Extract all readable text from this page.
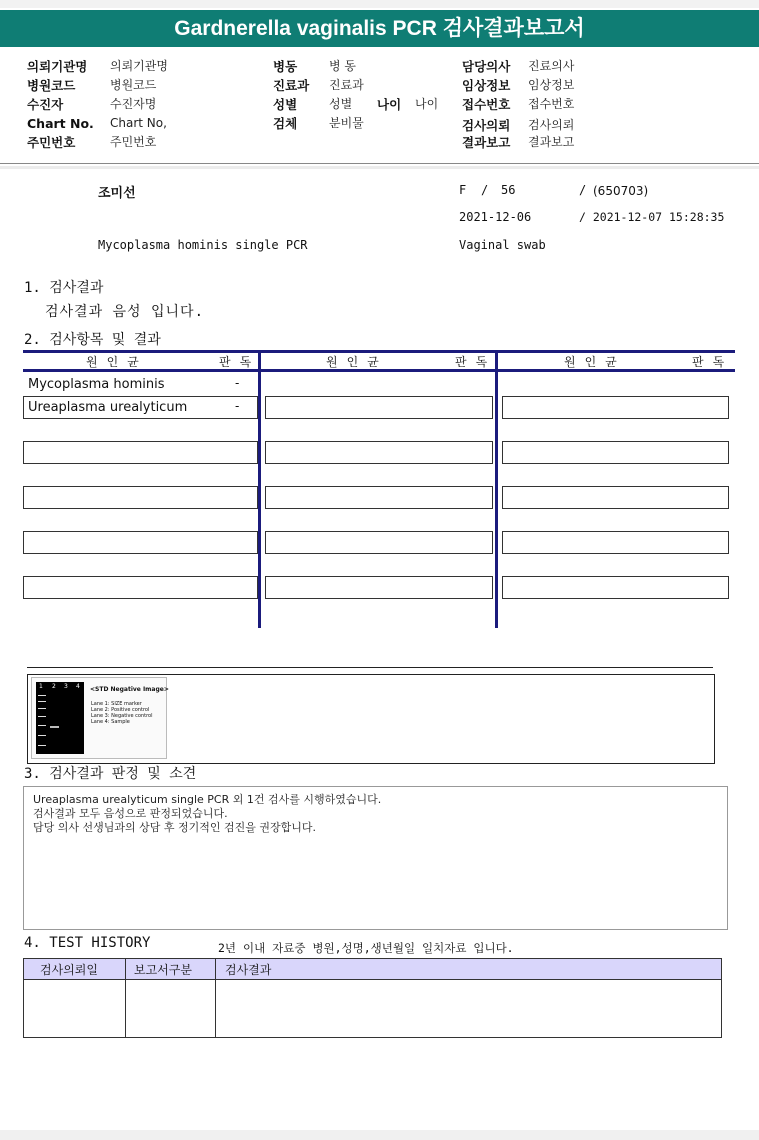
Gardnerella vaginalis PCR 검사결과보고서
의뢰기관명 의뢰기관명
병원코드	병원코드
수진자	수진자명
Chart No. Chart No,
주민번호	주민번호
병동	병 동
진료과 진료과
성별	성별 나이 나이
검체	분비물
담당의사 진료의사
임상정보 임상정보
접수번호 접수번호
검사의뢰 검사의뢰
결과보고 결과보고
조미선	F / 56	/ (650703)
2021-12-06	/ 2021-12-07 15:28:35
Mycoplasma hominis single PCR	Vaginal swab
1. 검사결과
검사결과 음성 입니다.
2. 검사항목 및 결과
원인균	판독	원인균	판독	원인균	판독
Mycoplasma hominis	-
Ureaplasma urealyticum	-
1 2 3 4 <STD Negative Image>
Lane 1: SIZE marker
Lane 2: Positive control
Lane 3: Negative control
Lane 4: Sample
3. 검사결과 판정 및 소견
Ureaplasma urealyticum single PCR 외 1건 검사를 시행하였습니다.
검사결과 모두 음성으로 판정되었습니다.
담당 의사 선생님과의 상담 후 정기적인 검진을 권장합니다.
4. TEST HISTORY	2년 이내 자료중 병원,성명,생년월일 일치자료 입니다.
검사의뢰일	보고서구분	검사결과
